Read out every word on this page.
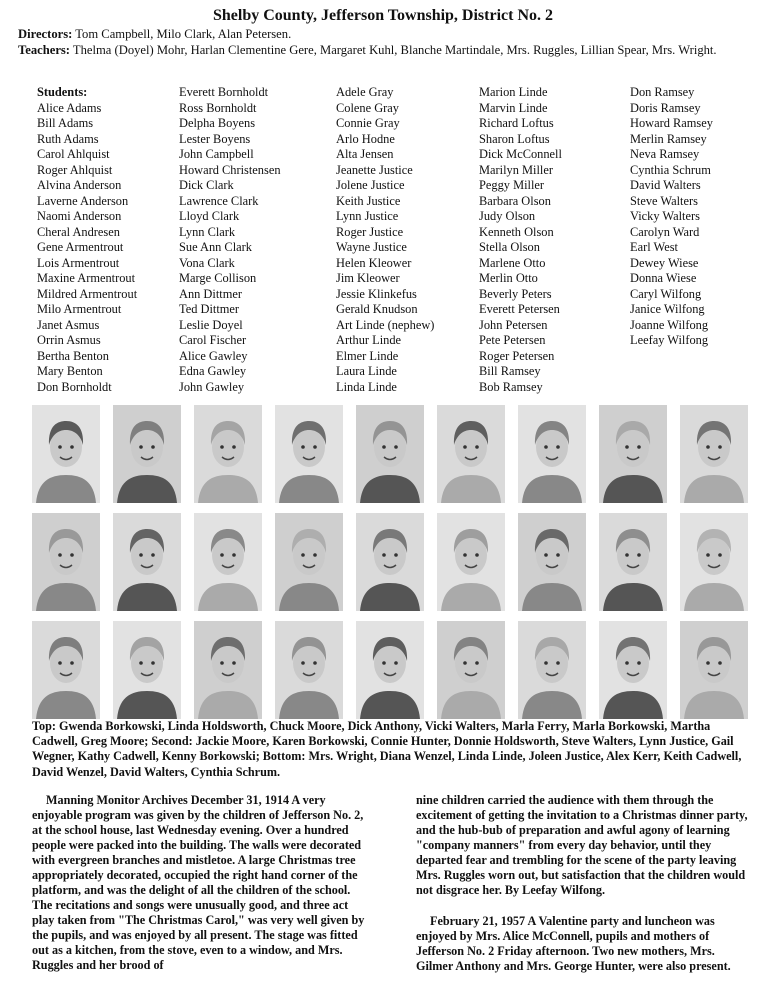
Shelby County, Jefferson Township, District No. 2
Directors: Tom Campbell, Milo Clark, Alan Petersen.
Teachers: Thelma (Doyel) Mohr, Harlan Clementine Gere, Margaret Kuhl, Blanche Martindale, Mrs. Ruggles, Lillian Spear, Mrs. Wright.
Students:
Alice Adams
Bill Adams
Ruth Adams
Carol Ahlquist
Roger Ahlquist
Alvina Anderson
Laverne Anderson
Naomi Anderson
Cheral Andresen
Gene Armentrout
Lois Armentrout
Maxine Armentrout
Mildred Armentrout
Milo Armentrout
Janet Asmus
Orrin Asmus
Bertha Benton
Mary Benton
Don Bornholdt
Everett Bornholdt
Ross Bornholdt
Delpha Boyens
Lester Boyens
John Campbell
Howard Christensen
Dick Clark
Lawrence Clark
Lloyd Clark
Lynn Clark
Sue Ann Clark
Vona Clark
Marge Collison
Ann Dittmer
Ted Dittmer
Leslie Doyel
Carol Fischer
Alice Gawley
Edna Gawley
John Gawley
Adele Gray
Colene Gray
Connie Gray
Arlo Hodne
Alta Jensen
Jeanette Justice
Jolene Justice
Keith Justice
Lynn Justice
Roger Justice
Wayne Justice
Helen Kleower
Jim Kleower
Jessie Klinkefus
Gerald Knudson
Art Linde (nephew)
Arthur Linde
Elmer Linde
Laura Linde
Linda Linde
Marion Linde
Marvin Linde
Richard Loftus
Sharon Loftus
Dick McConnell
Marilyn Miller
Peggy Miller
Barbara Olson
Judy Olson
Kenneth Olson
Stella Olson
Marlene Otto
Merlin Otto
Beverly Peters
Everett Petersen
John Petersen
Pete Petersen
Roger Petersen
Bill Ramsey
Bob Ramsey
Don Ramsey
Doris Ramsey
Howard Ramsey
Merlin Ramsey
Neva Ramsey
Cynthia Schrum
David Walters
Steve Walters
Vicky Walters
Carolyn Ward
Earl West
Dewey Wiese
Donna Wiese
Caryl Wilfong
Janice Wilfong
Joanne Wilfong
Leefay Wilfong
Top: Gwenda Borkowski, Linda Holdsworth, Chuck Moore, Dick Anthony, Vicki Walters, Marla Ferry, Marla Borkowski, Martha Cadwell, Greg Moore; Second: Jackie Moore, Karen Borkowski, Connie Hunter, Donnie Holdsworth, Steve Walters, Lynn Justice, Gail Wegner, Kathy Cadwell, Kenny Borkowski; Bottom: Mrs. Wright, Diana Wenzel, Linda Linde, Joleen Justice, Alex Kerr, Keith Cadwell, David Wenzel, David Walters, Cynthia Schrum.
Manning Monitor Archives December 31, 1914 A very enjoyable program was given by the children of Jefferson No. 2, at the school house, last Wednesday evening. Over a hundred people were packed into the building. The walls were decorated with evergreen branches and mistletoe. A large Christmas tree appropriately decorated, occupied the right hand corner of the platform, and was the delight of all the children of the school. The recitations and songs were unusually good, and three act play taken from "The Christmas Carol," was very well given by the pupils, and was enjoyed by all present. The stage was fitted out as a kitchen, from the stove, even to a window, and Mrs. Ruggles and her brood of
nine children carried the audience with them through the excitement of getting the invitation to a Christmas dinner party, and the hub-bub of preparation and awful agony of learning "company manners" from every day behavior, until they departed fear and trembling for the scene of the party leaving Mrs. Ruggles worn out, but satisfaction that the children would not disgrace her. By Leefay Wilfong.
February 21, 1957 A Valentine party and luncheon was enjoyed by Mrs. Alice McConnell, pupils and mothers of Jefferson No. 2 Friday afternoon. Two new mothers, Mrs. Gilmer Anthony and Mrs. George Hunter, were also present.
